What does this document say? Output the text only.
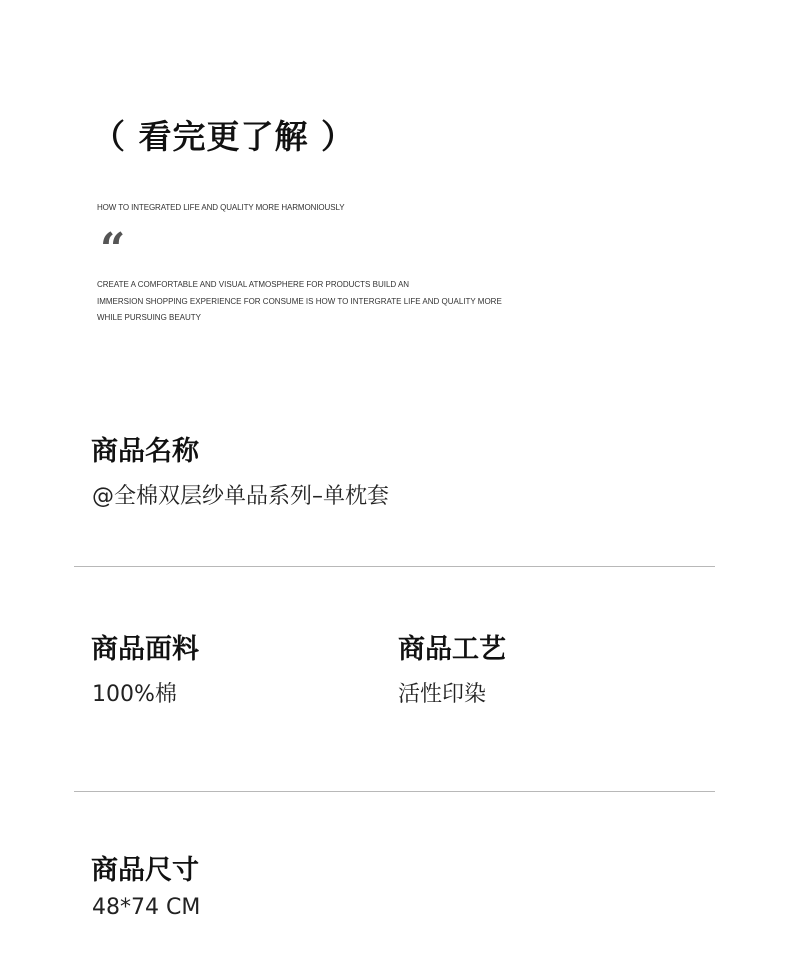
（ 看完更了解 ）
HOW TO INTEGRATED LIFE AND QUALITY MORE HARMONIOUSLY
“
CREATE A COMFORTABLE AND VISUAL ATMOSPHERE FOR PRODUCTS BUILD AN
IMMERSION SHOPPING EXPERIENCE FOR CONSUME IS HOW TO INTERGRATE LIFE AND QUALITY MORE
WHILE PURSUING BEAUTY
商品名称
@全棉双层纱单品系列–单枕套
商品面料
100%棉
商品工艺
活性印染
商品尺寸
48*74 CM
